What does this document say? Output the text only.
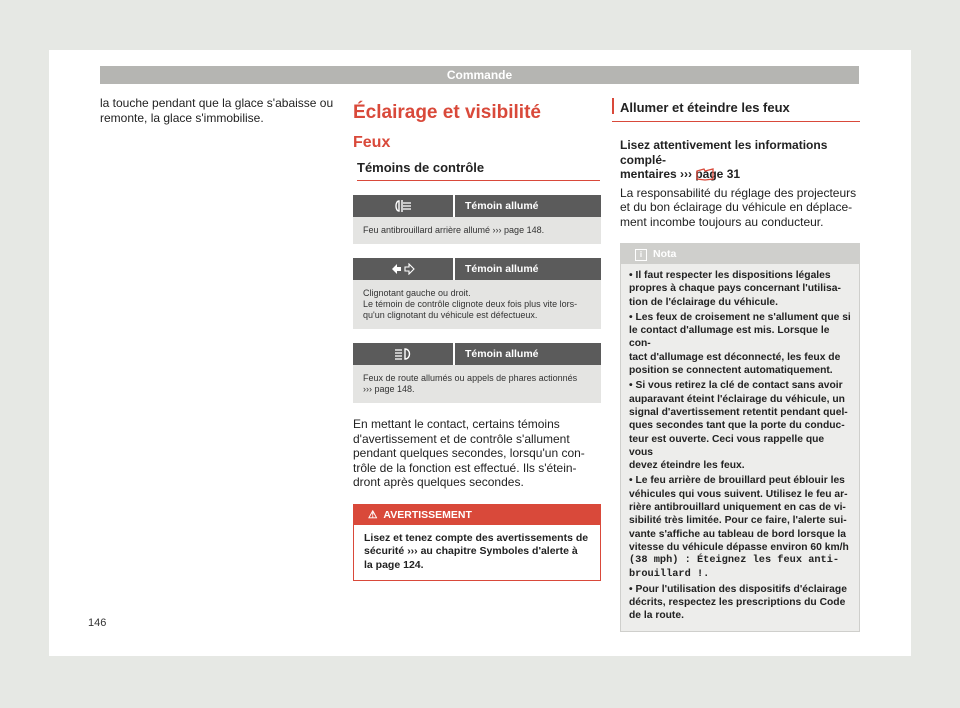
Commande

la touche pendant que la glace s'abaisse ou remonte, la glace s'immobilise.	Éclairage et visibilité
Feux
Témoins de contrôle
Témoin allumé
Feu antibrouillard arrière allumé ››› page 148.
Témoin allumé
Clignotant gauche ou droit.
Le témoin de contrôle clignote deux fois plus vite lors-
qu'un clignotant du véhicule est défectueux.
Témoin allumé
Feux de route allumés ou appels de phares actionnés
››› page 148.
En mettant le contact, certains témoins
d'avertissement et de contrôle s'allument
pendant quelques secondes, lorsqu'un con-
trôle de la fonction est effectué. Ils s'étein-
dront après quelques secondes.
⚠ AVERTISSEMENT
Lisez et tenez compte des avertissements de
sécurité ››› au chapitre Symboles d'alerte à
la page 124.
Allumer et éteindre les feux
Lisez attentivement les informations complé-
mentaires ››› page 31
La responsabilité du réglage des projecteurs
et du bon éclairage du véhicule en déplace-
ment incombe toujours au conducteur.
i Nota
• Il faut respecter les dispositions légales
propres à chaque pays concernant l'utilisa-
tion de l'éclairage du véhicule.
• Les feux de croisement ne s'allument que si
le contact d'allumage est mis. Lorsque le con-
tact d'allumage est déconnecté, les feux de
position se connectent automatiquement.
• Si vous retirez la clé de contact sans avoir
auparavant éteint l'éclairage du véhicule, un
signal d'avertissement retentit pendant quel-
ques secondes tant que la porte du conduc-
teur est ouverte. Ceci vous rappelle que vous
devez éteindre les feux.
• Le feu arrière de brouillard peut éblouir les
véhicules qui vous suivent. Utilisez le feu ar-
rière antibrouillard uniquement en cas de vi-
sibilité très limitée. Pour ce faire, l'alerte sui-
vante s'affiche au tableau de bord lorsque la
vitesse du véhicule dépasse environ 60 km/h
(38 mph) : Éteignez les feux anti-
brouillard !.
• Pour l'utilisation des dispositifs d'éclairage
décrits, respectez les prescriptions du Code
de la route.
146
